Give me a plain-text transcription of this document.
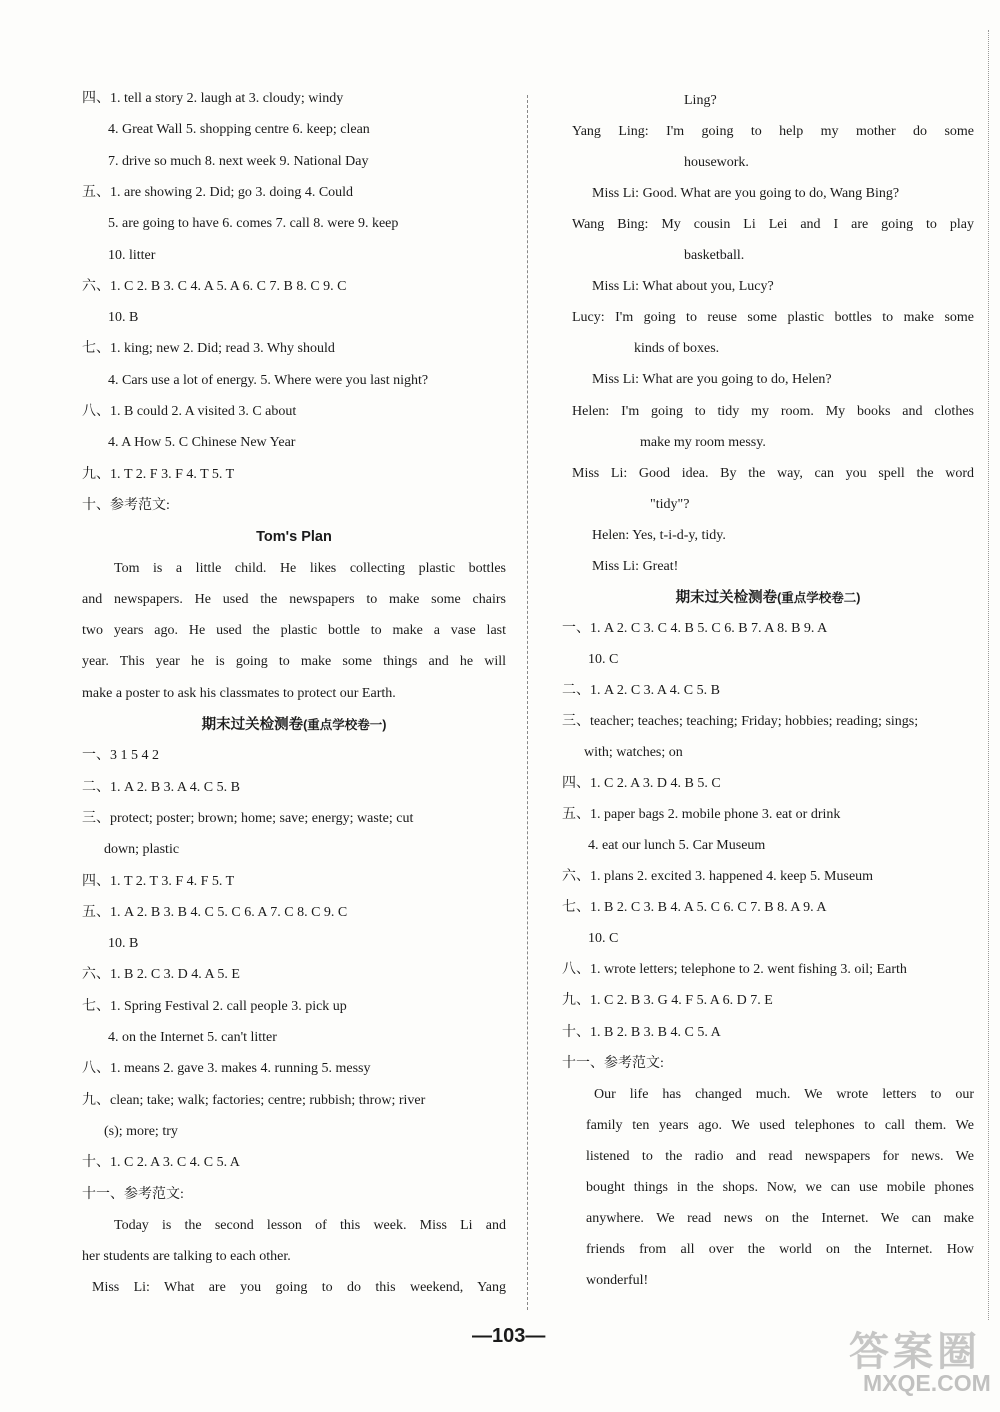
四、1. tell a story 2. laugh at 3. cloudy; windy
4. Great Wall 5. shopping centre 6. keep; clean
7. drive so much 8. next week 9. National Day
五、1. are showing 2. Did; go 3. doing 4. Could
5. are going to have 6. comes 7. call 8. were 9. keep
10. litter
六、1. C 2. B 3. C 4. A 5. A 6. C 7. B 8. C 9. C
10. B
七、1. king; new 2. Did; read 3. Why should
4. Cars use a lot of energy. 5. Where were you last night?
八、1. B could 2. A visited 3. C about
4. A How 5. C Chinese New Year
九、1. T 2. F 3. F 4. T 5. T
十、参考范文:
Tom's Plan
Tom is a little child. He likes collecting plastic bottles
and newspapers. He used the newspapers to make some chairs
two years ago. He used the plastic bottle to make a vase last
year. This year he is going to make some things and he will
make a poster to ask his classmates to protect our Earth.
期末过关检测卷(重点学校卷一)
一、3 1 5 4 2
二、1. A 2. B 3. A 4. C 5. B
三、protect; poster; brown; home; save; energy; waste; cut
down; plastic
四、1. T 2. T 3. F 4. F 5. T
五、1. A 2. B 3. B 4. C 5. C 6. A 7. C 8. C 9. C
10. B
六、1. B 2. C 3. D 4. A 5. E
七、1. Spring Festival 2. call people 3. pick up
4. on the Internet 5. can't litter
八、1. means 2. gave 3. makes 4. running 5. messy
九、clean; take; walk; factories; centre; rubbish; throw; river
(s); more; try
十、1. C 2. A 3. C 4. C 5. A
十一、参考范文:
Today is the second lesson of this week. Miss Li and
her students are talking to each other.
Miss Li: What are you going to do this weekend, Yang
Ling?
Yang Ling: I'm going to help my mother do some
housework.
Miss Li: Good. What are you going to do, Wang Bing?
Wang Bing: My cousin Li Lei and I are going to play
basketball.
Miss Li: What about you, Lucy?
Lucy: I'm going to reuse some plastic bottles to make some
kinds of boxes.
Miss Li: What are you going to do, Helen?
Helen: I'm going to tidy my room. My books and clothes
make my room messy.
Miss Li: Good idea. By the way, can you spell the word
"tidy"?
Helen: Yes, t-i-d-y, tidy.
Miss Li: Great!
期末过关检测卷(重点学校卷二)
一、1. A 2. C 3. C 4. B 5. C 6. B 7. A 8. B 9. A
10. C
二、1. A 2. C 3. A 4. C 5. B
三、teacher; teaches; teaching; Friday; hobbies; reading; sings;
with; watches; on
四、1. C 2. A 3. D 4. B 5. C
五、1. paper bags 2. mobile phone 3. eat or drink
4. eat our lunch 5. Car Museum
六、1. plans 2. excited 3. happened 4. keep 5. Museum
七、1. B 2. C 3. B 4. A 5. C 6. C 7. B 8. A 9. A
10. C
八、1. wrote letters; telephone to 2. went fishing 3. oil; Earth
九、1. C 2. B 3. G 4. F 5. A 6. D 7. E
十、1. B 2. B 3. B 4. C 5. A
十一、参考范文:
Our life has changed much. We wrote letters to our
family ten years ago. We used telephones to call them. We
listened to the radio and read newspapers for news. We
bought things in the shops. Now, we can use mobile phones
anywhere. We read news on the Internet. We can make
friends from all over the world on the Internet. How
wonderful!
—103—	答案圈
MXQE.COM
